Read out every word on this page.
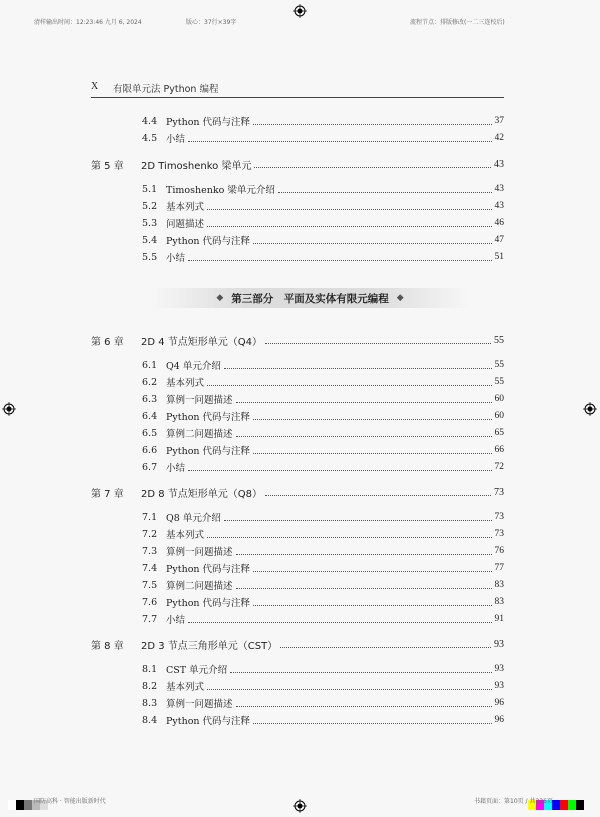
清样输出时间：12:23:46 九月 6, 2024	版心：37行×39字	流程节点：排版修改(一二三连校后)
X 有限单元法 Python 编程
◆ 第三部分　平面及实体有限元编程 ◆
4.4 Python 代码与注释	37
4.5 小结	42
第 5 章	2D Timoshenko 梁单元	43
5.1 Timoshenko 梁单元介绍	43
5.2 基本列式	43
5.3 问题描述	46
5.4 Python 代码与注释	47
5.5 小结	51
第 6 章	2D 4 节点矩形单元（Q4）	55
6.1 Q4 单元介绍	55
6.2 基本列式	55
6.3 算例一问题描述	60
6.4 Python 代码与注释	60
6.5 算例二问题描述	65
6.6 Python 代码与注释	66
6.7 小结	72
第 7 章	2D 8 节点矩形单元（Q8）	73
7.1 Q8 单元介绍	73
7.2 基本列式	73
7.3 算例一问题描述	76
7.4 Python 代码与注释	77
7.5 算例二问题描述	83
7.6 Python 代码与注释	83
7.7 小结	91
第 8 章	2D 3 节点三角形单元（CST）	93
8.1 CST 单元介绍	93
8.2 基本列式	93
8.3 算例一问题描述	96
8.4 Python 代码与注释	96
国防高科 · 智能出版新时代	书籍页面：第10页 / 共236页
